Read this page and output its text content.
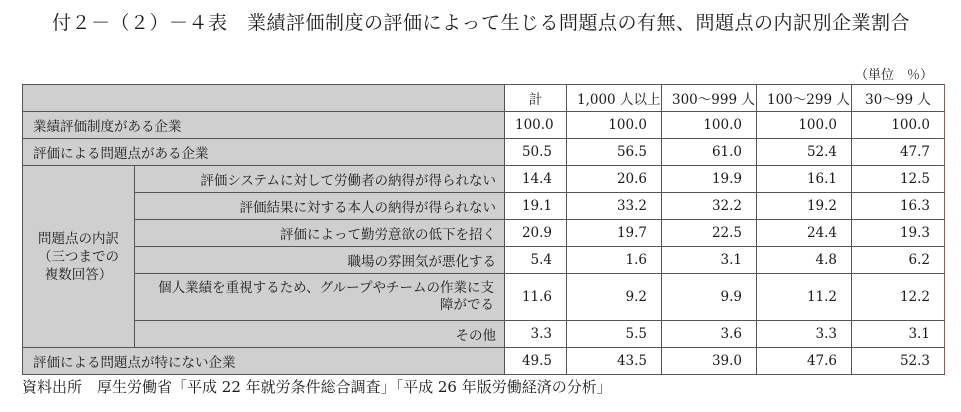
付２－（２）－４表　業績評価制度の評価によって生じる問題点の有無、問題点の内訳別企業割合
（単位　％）
		計	1,000 人以上	300～999 人	100～299 人	30～99 人
業績評価制度がある企業		100.0	100.0	100.0	100.0	100.0
評価による問題点がある企業		50.5	56.5	61.0	52.4	47.7

問題点の内訳
（三つまでの
複数回答）	評価システムに対して労働者の納得が得られない	14.4	20.6	19.9	16.1	12.5
	評価結果に対する本人の納得が得られない	19.1	33.2	32.2	19.2	16.3
	評価によって勤労意欲の低下を招く	20.9	19.7	22.5	24.4	19.3
	職場の雰囲気が悪化する	5.4	1.6	3.1	4.8	6.2
	個人業績を重視するため、グループやチームの作業に支障がでる	11.6	9.2	9.9	11.2	12.2
	その他	3.3	5.5	3.6	3.3	3.1
評価による問題点が特にない企業		49.5	43.5	39.0	47.6	52.3
資料出所　厚生労働省「平成 22 年就労条件総合調査」「平成 26 年版労働経済の分析」
